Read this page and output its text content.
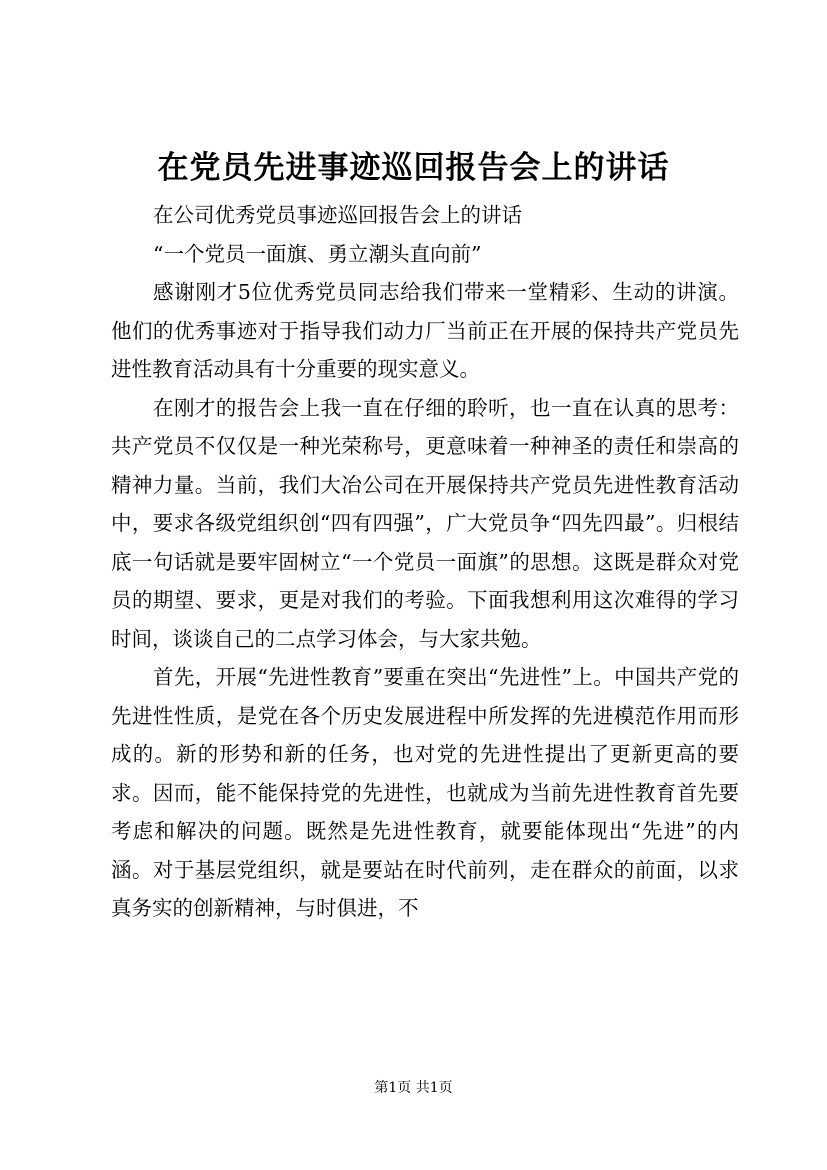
在党员先进事迹巡回报告会上的讲话

在公司优秀党员事迹巡回报告会上的讲话

“一个党员一面旗、勇立潮头直向前”

感谢刚才5位优秀党员同志给我们带来一堂精彩、生动的讲演。他们的优秀事迹对于指导我们动力厂当前正在开展的保持共产党员先进性教育活动具有十分重要的现实意义。

在刚才的报告会上我一直在仔细的聆听，也一直在认真的思考：共产党员不仅仅是一种光荣称号，更意味着一种神圣的责任和崇高的精神力量。当前，我们大冶公司在开展保持共产党员先进性教育活动中，要求各级党组织创“四有四强”，广大党员争“四先四最”。归根结底一句话就是要牢固树立“一个党员一面旗”的思想。这既是群众对党员的期望、要求，更是对我们的考验。下面我想利用这次难得的学习时间，谈谈自己的二点学习体会，与大家共勉。

首先，开展“先进性教育”要重在突出“先进性”上。中国共产党的先进性性质，是党在各个历史发展进程中所发挥的先进模范作用而形成的。新的形势和新的任务，也对党的先进性提出了更新更高的要求。因而，能不能保持党的先进性，也就成为当前先进性教育首先要考虑和解决的问题。既然是先进性教育，就要能体现出“先进”的内涵。对于基层党组织，就是要站在时代前列，走在群众的前面，以求真务实的创新精神，与时俱进，不

第1页 共1页
